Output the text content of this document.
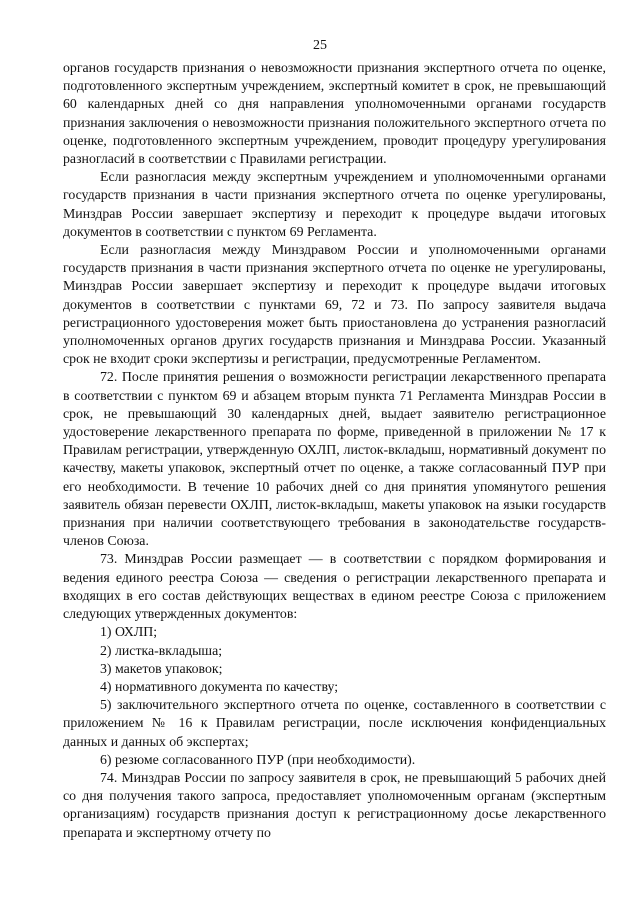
25

органов государств признания о невозможности признания экспертного отчета по оценке, подготовленного экспертным учреждением, экспертный комитет в срок, не превышающий 60 календарных дней со дня направления уполномоченными органами государств признания заключения о невозможности признания положительного экспертного отчета по оценке, подготовленного экспертным учреждением, проводит процедуру урегулирования разногласий в соответствии с Правилами регистрации.

Если разногласия между экспертным учреждением и уполномоченными органами государств признания в части признания экспертного отчета по оценке урегулированы, Минздрав России завершает экспертизу и переходит к процедуре выдачи итоговых документов в соответствии с пунктом 69 Регламента.

Если разногласия между Минздравом России и уполномоченными органами государств признания в части признания экспертного отчета по оценке не урегулированы, Минздрав России завершает экспертизу и переходит к процедуре выдачи итоговых документов в соответствии с пунктами 69, 72 и 73. По запросу заявителя выдача регистрационного удостоверения может быть приостановлена до устранения разногласий уполномоченных органов других государств признания и Минздрава России. Указанный срок не входит сроки экспертизы и регистрации, предусмотренные Регламентом.

72. После принятия решения о возможности регистрации лекарственного препарата в соответствии с пунктом 69 и абзацем вторым пункта 71 Регламента Минздрав России в срок, не превышающий 30 календарных дней, выдает заявителю регистрационное удостоверение лекарственного препарата по форме, приведенной в приложении № 17 к Правилам регистрации, утвержденную ОХЛП, листок-вкладыш, нормативный документ по качеству, макеты упаковок, экспертный отчет по оценке, а также согласованный ПУР при его необходимости. В течение 10 рабочих дней со дня принятия упомянутого решения заявитель обязан перевести ОХЛП, листок-вкладыш, макеты упаковок на языки государств признания при наличии соответствующего требования в законодательстве государств-членов Союза.

73. Минздрав России размещает — в соответствии с порядком формирования и ведения единого реестра Союза — сведения о регистрации лекарственного препарата и входящих в его состав действующих веществах в едином реестре Союза с приложением следующих утвержденных документов:

1) ОХЛП;

2) листка-вкладыша;

3) макетов упаковок;

4) нормативного документа по качеству;

5) заключительного экспертного отчета по оценке, составленного в соответствии с приложением № 16 к Правилам регистрации, после исключения конфиденциальных данных и данных об экспертах;

6) резюме согласованного ПУР (при необходимости).

74. Минздрав России по запросу заявителя в срок, не превышающий 5 рабочих дней со дня получения такого запроса, предоставляет уполномоченным органам (экспертным организациям) государств признания доступ к регистрационному досье лекарственного препарата и экспертному отчету по
